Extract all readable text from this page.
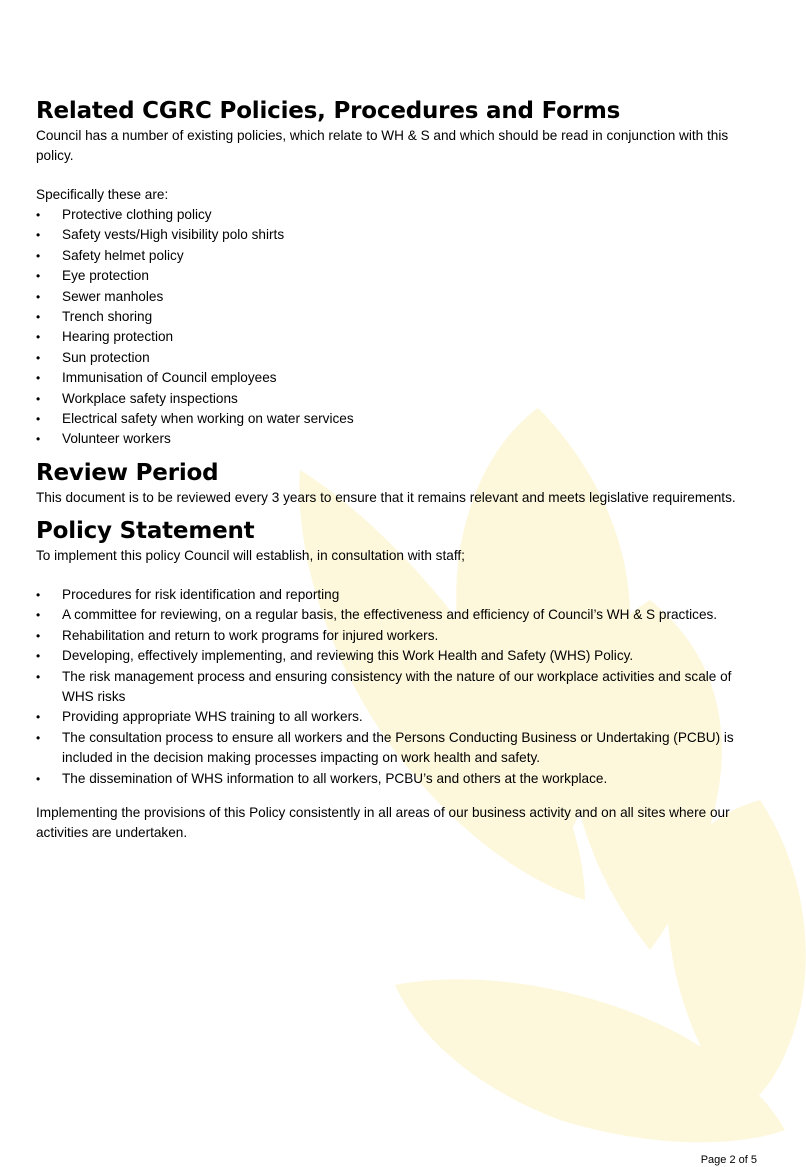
Related CGRC Policies, Procedures and Forms

Council has a number of existing policies, which relate to WH & S and which should be read in conjunction with this policy.

Specifically these are:

•	Protective clothing policy
•	Safety vests/High visibility polo shirts
•	Safety helmet policy
•	Eye protection
•	Sewer manholes
•	Trench shoring
•	Hearing protection
•	Sun protection
•	Immunisation of Council employees
•	Workplace safety inspections
•	Electrical safety when working on water services
•	Volunteer workers
Review Period

This document is to be reviewed every 3 years to ensure that it remains relevant and meets legislative requirements.

Policy Statement

To implement this policy Council will establish, in consultation with staff;

•	Procedures for risk identification and reporting
•	A committee for reviewing, on a regular basis, the effectiveness and efficiency of Council’s WH & S practices.
•	Rehabilitation and return to work programs for injured workers.
•	Developing, effectively implementing, and reviewing this Work Health and Safety (WHS) Policy.
•	The risk management process and ensuring consistency with the nature of our workplace activities and scale of WHS risks
•	Providing appropriate WHS training to all workers.
•	The consultation process to ensure all workers and the Persons Conducting Business or Undertaking (PCBU) is included in the decision making processes impacting on work health and safety.
•	The dissemination of WHS information to all workers, PCBU’s and others at the workplace.

Implementing the provisions of this Policy consistently in all areas of our business activity and on all sites where our activities are undertaken.

Page 2 of 5
